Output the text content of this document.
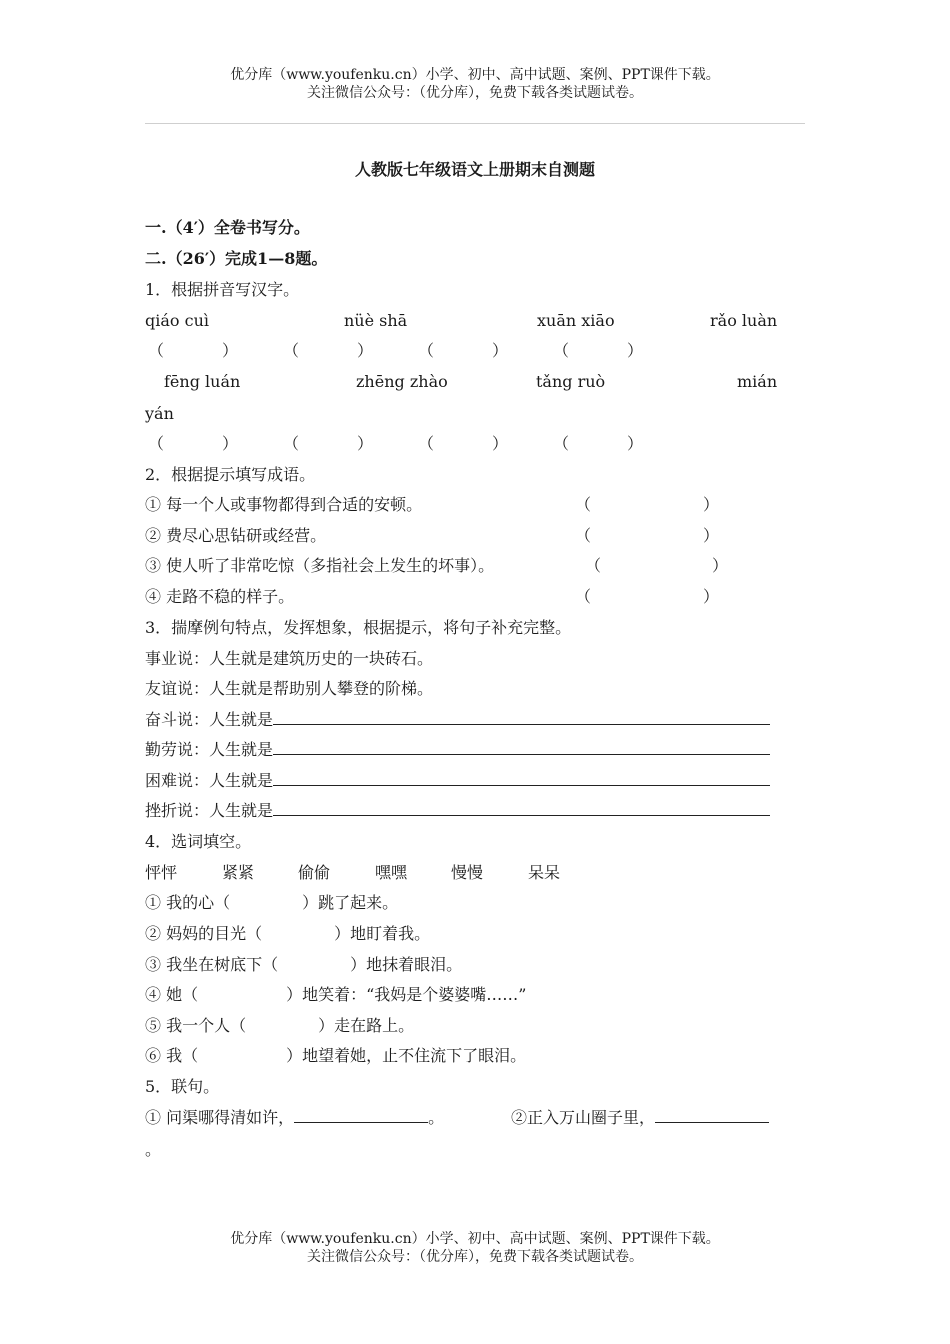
优分库（www.youfenku.cn）小学、初中、高中试题、案例、PPT课件下载。
关注微信公众号：（优分库），免费下载各类试题试卷。
人教版七年级语文上册期末自测题
一.（4′）全卷书写分。
二.（26′）完成1—8题。
1．根据拼音写汉字。
qiáo cuì	nüè shā	xuān xiāo	rǎo luàn
（	）	（	）	（	）	（	）
fēng luán	zhēng zhào	tǎng ruò	mián
yán
（	）	（	）	（	）	（	）
2．根据提示填写成语。
① 每一个人或事物都得到合适的安顿。	（	）
② 费尽心思钻研或经营。	（	）
③ 使人听了非常吃惊（多指社会上发生的坏事）。	（	）
④ 走路不稳的样子。	（	）
3．揣摩例句特点，发挥想象，根据提示，将句子补充完整。
事业说：人生就是建筑历史的一块砖石。
友谊说：人生就是帮助别人攀登的阶梯。
奋斗说：人生就是
勤劳说：人生就是
困难说：人生就是
挫折说：人生就是
4．选词填空。
怦怦	紧紧	偷偷	嘿嘿	慢慢	呆呆
① 我的心（	）跳了起来。
② 妈妈的目光（	）地盯着我。
③ 我坐在树底下（	）地抹着眼泪。
④ 她（	）地笑着：“我妈是个婆婆嘴……”
⑤ 我一个人（	）走在路上。
⑥ 我（	）地望着她，止不住流下了眼泪。
5．联句。
① 问渠哪得清如许，	。	②正入万山圈子里，
。
优分库（www.youfenku.cn）小学、初中、高中试题、案例、PPT课件下载。
关注微信公众号：（优分库），免费下载各类试题试卷。
